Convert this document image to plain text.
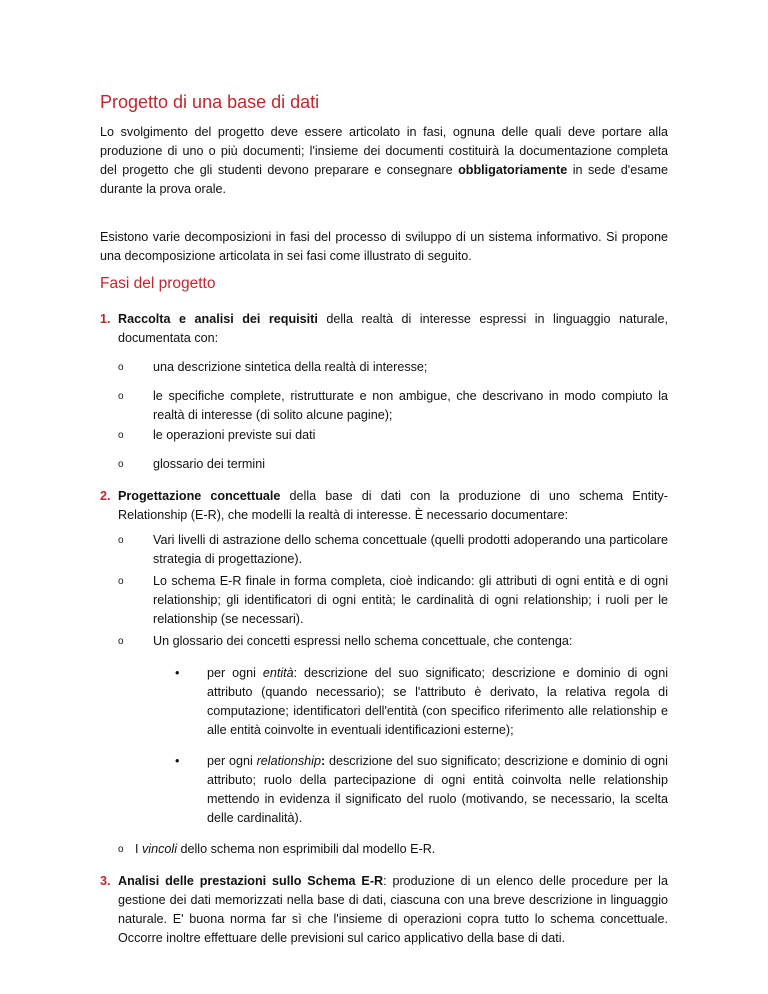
Progetto di una base di dati

Lo svolgimento del progetto deve essere articolato in fasi, ognuna delle quali deve portare alla produzione di uno o più documenti; l'insieme dei documenti costituirà la documentazione completa del progetto che gli studenti devono preparare e consegnare obbligatoriamente in sede d'esame durante la prova orale.

Esistono varie decomposizioni in fasi del processo di sviluppo di un sistema informativo. Si propone una decomposizione articolata in sei fasi come illustrato di seguito.

Fasi del progetto
1. Raccolta e analisi dei requisiti della realtà di interesse espressi in linguaggio naturale, documentata con:
o una descrizione sintetica della realtà di interesse;
o le specifiche complete, ristrutturate e non ambigue, che descrivano in modo compiuto la realtà di interesse (di solito alcune pagine);
o le operazioni previste sui dati
o glossario dei termini
2. Progettazione concettuale della base di dati con la produzione di uno schema Entity-Relationship (E-R), che modelli la realtà di interesse. È necessario documentare:
o Vari livelli di astrazione dello schema concettuale (quelli prodotti adoperando una particolare strategia di progettazione).
o Lo schema E-R finale in forma completa, cioè indicando: gli attributi di ogni entità e di ogni relationship; gli identificatori di ogni entità; le cardinalità di ogni relationship; i ruoli per le relationship (se necessari).
o Un glossario dei concetti espressi nello schema concettuale, che contenga:
• per ogni entità: descrizione del suo significato; descrizione e dominio di ogni attributo (quando necessario); se l'attributo è derivato, la relativa regola di computazione; identificatori dell'entità (con specifico riferimento alle relationship e alle entità coinvolte in eventuali identificazioni esterne);
• per ogni relationship: descrizione del suo significato; descrizione e dominio di ogni attributo; ruolo della partecipazione di ogni entità coinvolta nelle relationship mettendo in evidenza il significato del ruolo (motivando, se necessario, la scelta delle cardinalità).
o I vincoli dello schema non esprimibili dal modello E-R.
3. Analisi delle prestazioni sullo Schema E-R: produzione di un elenco delle procedure per la gestione dei dati memorizzati nella base di dati, ciascuna con una breve descrizione in linguaggio naturale. E' buona norma far sì che l'insieme di operazioni copra tutto lo schema concettuale. Occorre inoltre effettuare delle previsioni sul carico applicativo della base di dati.
